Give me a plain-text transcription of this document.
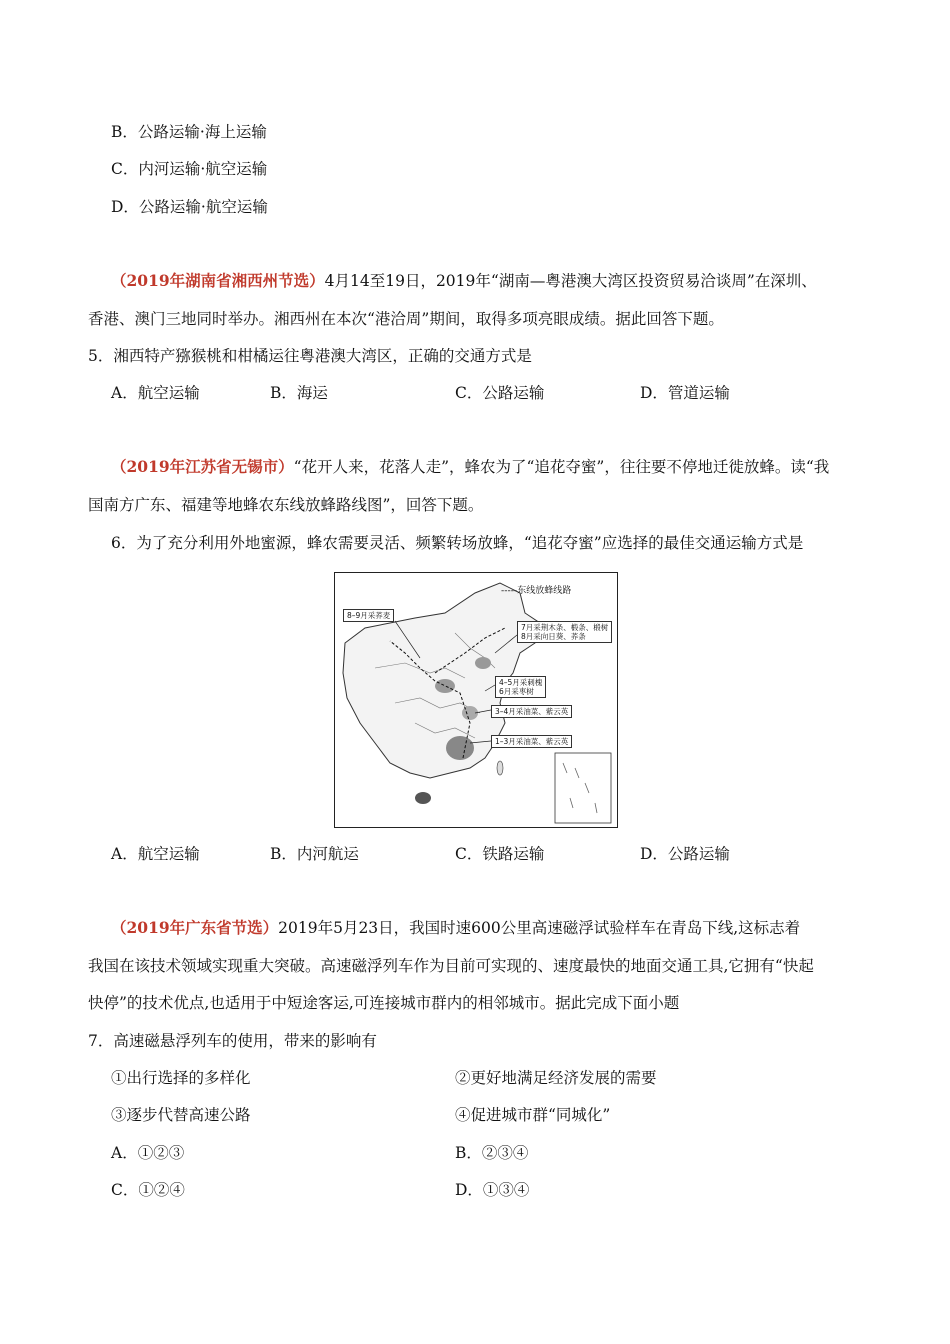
B．公路运输·海上运输
C．内河运输·航空运输
D．公路运输·航空运输
（2019年湖南省湘西州节选）4月14至19日，2019年“湖南—粤港澳大湾区投资贸易洽谈周”在深圳、
香港、澳门三地同时举办。湘西州在本次“港洽周”期间，取得多项亮眼成绩。据此回答下题。
5．湘西特产猕猴桃和柑橘运往粤港澳大湾区，正确的交通方式是
A．航空运输	B．海运	C．公路运输	D．管道运输
（2019年江苏省无锡市）“花开人来，花落人走”，蜂农为了“追花夺蜜”，往往要不停地迁徙放蜂。读“我
国南方广东、福建等地蜂农东线放蜂路线图”，回答下题。
6．为了充分利用外地蜜源，蜂农需要灵活、频繁转场放蜂，“追花夺蜜”应选择的最佳交通运输方式是
-----东线放蜂线路
8–9月采荞麦
7月采荆木条、椴条、椴树
8月采向日葵、荞条
4–5月采刺槐
6月采枣树
3–4月采油菜、紫云英
1–3月采油菜、紫云英
A．航空运输	B．内河航运	C．铁路运输	D．公路运输
（2019年广东省节选）2019年5月23日，我国时速600公里高速磁浮试验样车在青岛下线,这标志着
我国在该技术领域实现重大突破。高速磁浮列车作为目前可实现的、速度最快的地面交通工具,它拥有“快起
快停”的技术优点,也适用于中短途客运,可连接城市群内的相邻城市。据此完成下面小题
7．高速磁悬浮列车的使用，带来的影响有
①出行选择的多样化	②更好地满足经济发展的需要
③逐步代替高速公路	④促进城市群“同城化”
A．①②③	B．②③④
C．①②④	D．①③④
